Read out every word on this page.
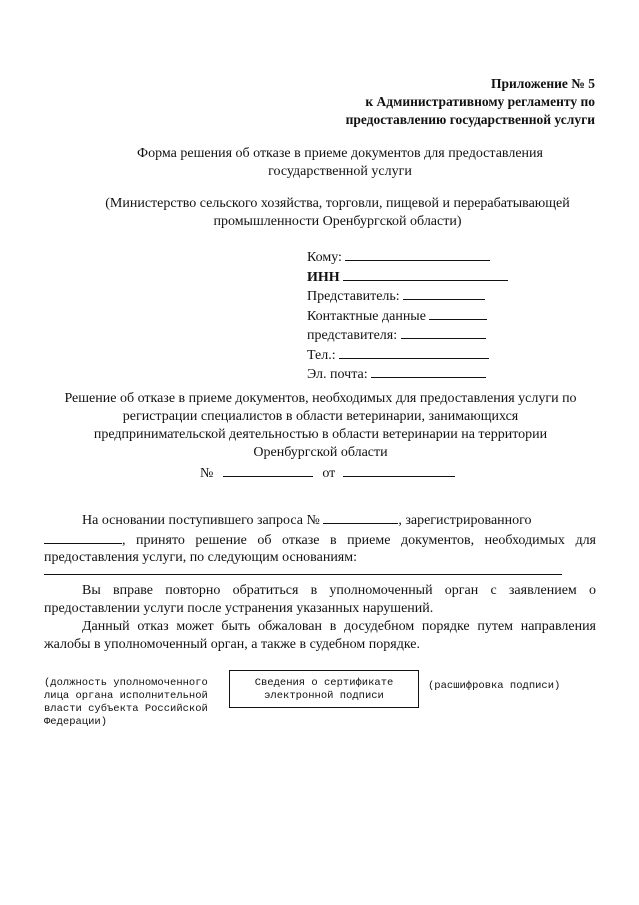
Приложение № 5
к Административному регламенту по
предоставлению государственной услуги
Форма решения об отказе в приеме документов для предоставления
государственной услуги
(Министерство сельского хозяйства, торговли, пищевой и перерабатывающей
промышленности Оренбургской области)
Кому:
ИНН
Представитель:
Контактные данные
представителя:
Тел.:
Эл. почта:
Решение об отказе в приеме документов, необходимых для предоставления услуги по
регистрации специалистов в области ветеринарии, занимающихся
предпринимательской деятельностью в области ветеринарии на территории
Оренбургской области
№	от
На основании поступившего запроса №	, зарегистрированного
, принято решение об отказе в приеме документов, необходимых для предоставления услуги, по следующим основаниям:
Вы вправе повторно обратиться в уполномоченный орган с заявлением о предоставлении услуги после устранения указанных нарушений.
Данный отказ может быть обжалован в досудебном порядке путем направления жалобы в уполномоченный орган, а также в судебном порядке.
(должность уполномоченного лица органа исполнительной власти субъекта Российской Федерации)
Сведения о сертификате
электронной подписи
(расшифровка подписи)
